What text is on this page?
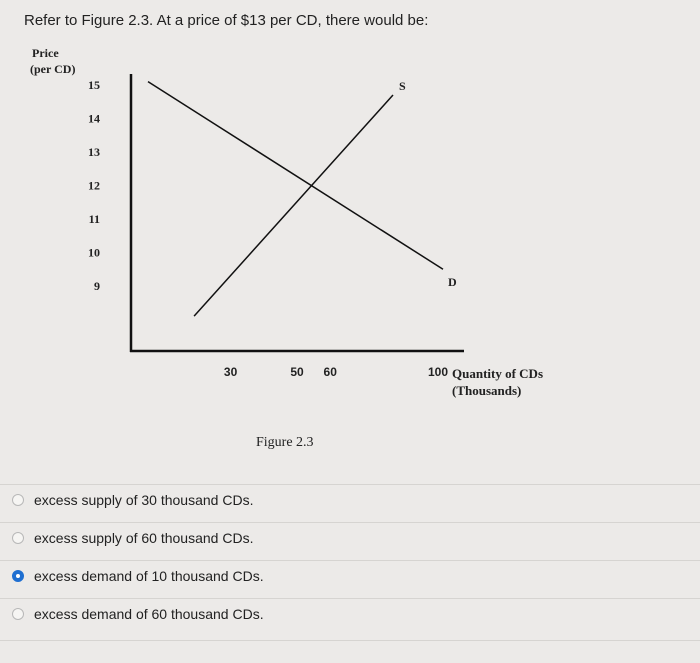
Refer to Figure 2.3. At a price of $13 per CD, there would be:
Price
(per CD)
15
14
13
12
11
10
9
S
D
30	50 60	100 Quantity of CDs
(Thousands)
Figure 2.3
excess supply of 30 thousand CDs.
excess supply of 60 thousand CDs.
excess demand of 10 thousand CDs.
excess demand of 60 thousand CDs.
